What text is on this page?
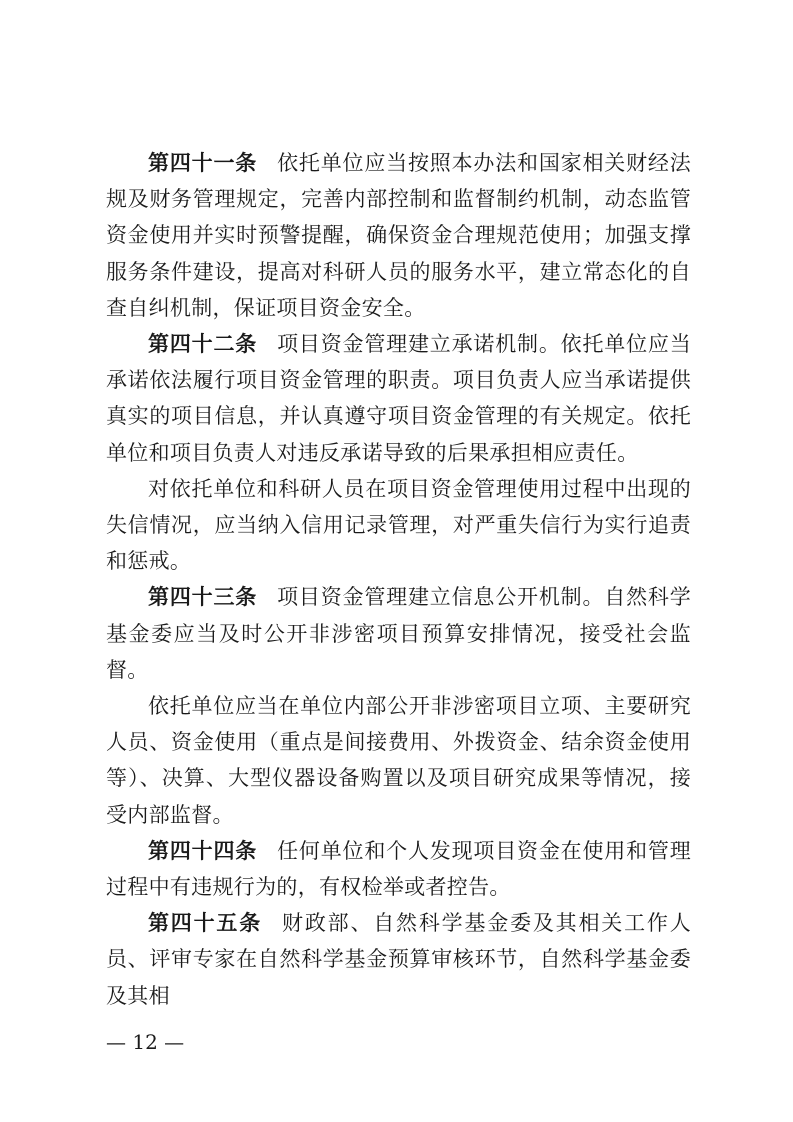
第四十一条 依托单位应当按照本办法和国家相关财经法规及财务管理规定，完善内部控制和监督制约机制，动态监管资金使用并实时预警提醒，确保资金合理规范使用；加强支撑服务条件建设，提高对科研人员的服务水平，建立常态化的自查自纠机制，保证项目资金安全。

第四十二条 项目资金管理建立承诺机制。依托单位应当承诺依法履行项目资金管理的职责。项目负责人应当承诺提供真实的项目信息，并认真遵守项目资金管理的有关规定。依托单位和项目负责人对违反承诺导致的后果承担相应责任。

对依托单位和科研人员在项目资金管理使用过程中出现的失信情况，应当纳入信用记录管理，对严重失信行为实行追责和惩戒。

第四十三条 项目资金管理建立信息公开机制。自然科学基金委应当及时公开非涉密项目预算安排情况，接受社会监督。

依托单位应当在单位内部公开非涉密项目立项、主要研究人员、资金使用（重点是间接费用、外拨资金、结余资金使用等）、决算、大型仪器设备购置以及项目研究成果等情况，接受内部监督。

第四十四条 任何单位和个人发现项目资金在使用和管理过程中有违规行为的，有权检举或者控告。

第四十五条 财政部、自然科学基金委及其相关工作人员、评审专家在自然科学基金预算审核环节，自然科学基金委及其相

— 12 —
